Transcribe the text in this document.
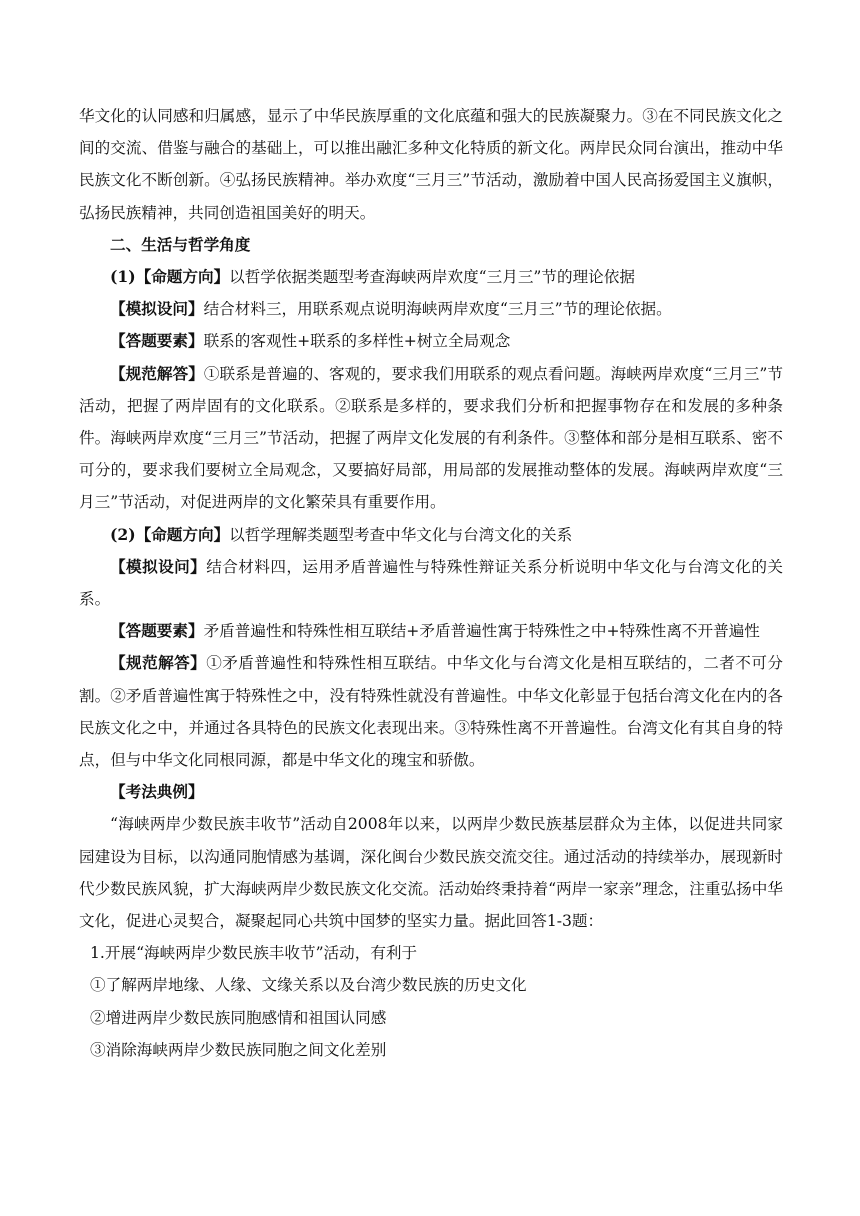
华文化的认同感和归属感，显示了中华民族厚重的文化底蕴和强大的民族凝聚力。③在不同民族文化之间的交流、借鉴与融合的基础上，可以推出融汇多种文化特质的新文化。两岸民众同台演出，推动中华民族文化不断创新。④弘扬民族精神。举办欢度“三月三”节活动，激励着中国人民高扬爱国主义旗帜，弘扬民族精神，共同创造祖国美好的明天。

二、生活与哲学角度

(1)【命题方向】以哲学依据类题型考查海峡两岸欢度“三月三”节的理论依据

【模拟设问】结合材料三，用联系观点说明海峡两岸欢度“三月三”节的理论依据。

【答题要素】联系的客观性+联系的多样性+树立全局观念

【规范解答】①联系是普遍的、客观的，要求我们用联系的观点看问题。海峡两岸欢度“三月三”节活动，把握了两岸固有的文化联系。②联系是多样的，要求我们分析和把握事物存在和发展的多种条件。海峡两岸欢度“三月三”节活动，把握了两岸文化发展的有利条件。③整体和部分是相互联系、密不可分的，要求我们要树立全局观念，又要搞好局部，用局部的发展推动整体的发展。海峡两岸欢度“三月三”节活动，对促进两岸的文化繁荣具有重要作用。

(2)【命题方向】以哲学理解类题型考查中华文化与台湾文化的关系

【模拟设问】结合材料四，运用矛盾普遍性与特殊性辩证关系分析说明中华文化与台湾文化的关系。

【答题要素】矛盾普遍性和特殊性相互联结+矛盾普遍性寓于特殊性之中+特殊性离不开普遍性

【规范解答】①矛盾普遍性和特殊性相互联结。中华文化与台湾文化是相互联结的，二者不可分割。②矛盾普遍性寓于特殊性之中，没有特殊性就没有普遍性。中华文化彰显于包括台湾文化在内的各民族文化之中，并通过各具特色的民族文化表现出来。③特殊性离不开普遍性。台湾文化有其自身的特点，但与中华文化同根同源，都是中华文化的瑰宝和骄傲。

【考法典例】

“海峡两岸少数民族丰收节”活动自2008年以来，以两岸少数民族基层群众为主体，以促进共同家园建设为目标，以沟通同胞情感为基调，深化闽台少数民族交流交往。通过活动的持续举办，展现新时代少数民族风貌，扩大海峡两岸少数民族文化交流。活动始终秉持着“两岸一家亲”理念，注重弘扬中华文化，促进心灵契合，凝聚起同心共筑中国梦的坚实力量。据此回答1-3题：

1.开展“海峡两岸少数民族丰收节”活动，有利于

①了解两岸地缘、人缘、文缘关系以及台湾少数民族的历史文化

②增进两岸少数民族同胞感情和祖国认同感

③消除海峡两岸少数民族同胞之间文化差别
